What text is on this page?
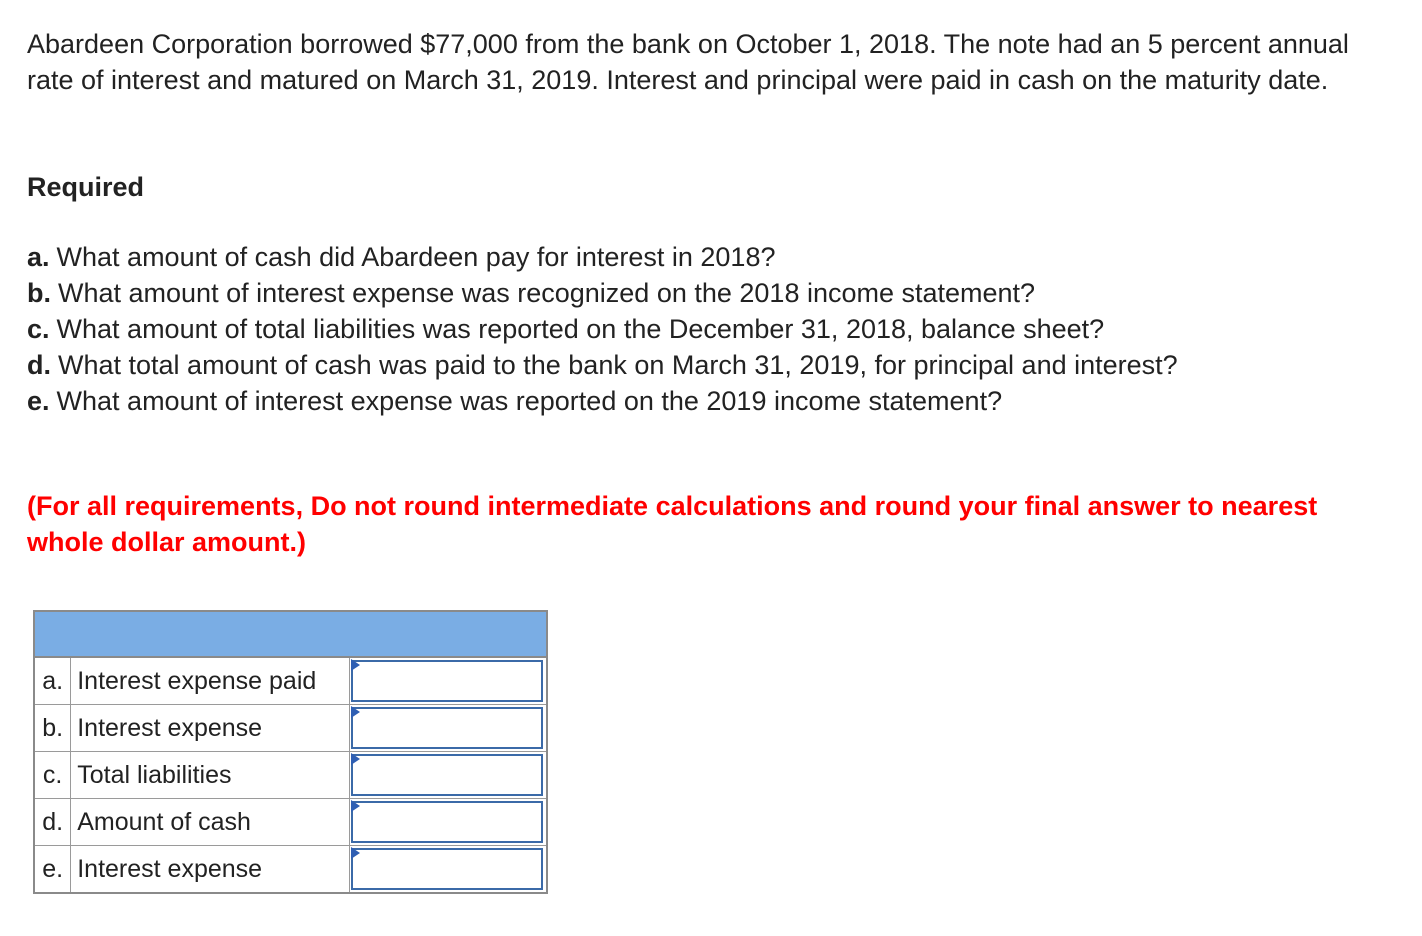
Abardeen Corporation borrowed $77,000 from the bank on October 1, 2018. The note had an 5 percent annual rate of interest and matured on March 31, 2019. Interest and principal were paid in cash on the maturity date.

Required

a. What amount of cash did Abardeen pay for interest in 2018?
b. What amount of interest expense was recognized on the 2018 income statement?
c. What amount of total liabilities was reported on the December 31, 2018, balance sheet?
d. What total amount of cash was paid to the bank on March 31, 2019, for principal and interest?
e. What amount of interest expense was reported on the 2019 income statement?

(For all requirements, Do not round intermediate calculations and round your final answer to nearest whole dollar amount.)

a.	Interest expense paid	

b.	Interest expense	

c.	Total liabilities	

d.	Amount of cash	

e.	Interest expense	
